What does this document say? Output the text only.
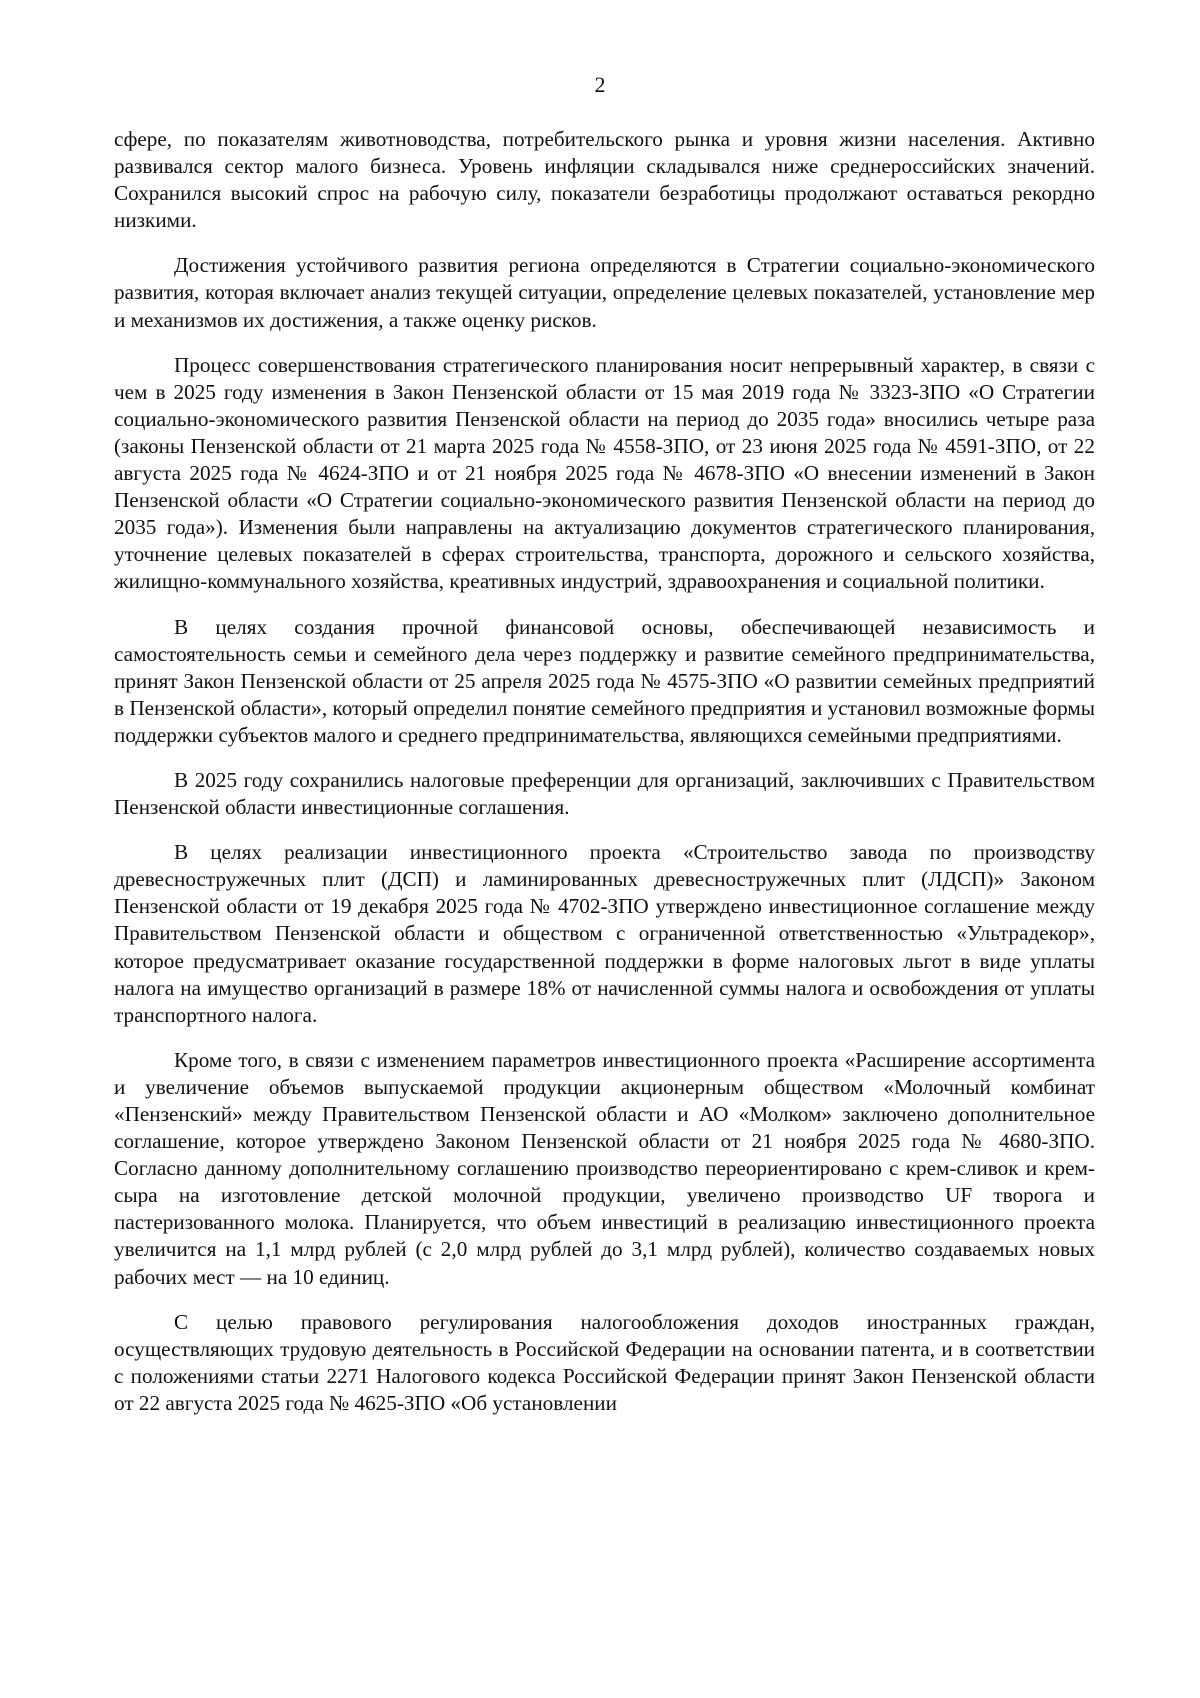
2

сфере, по показателям животноводства, потребительского рынка и уровня жизни населения. Активно развивался сектор малого бизнеса. Уровень инфляции складывался ниже среднероссийских значений. Сохранился высокий спрос на рабочую силу, показатели безработицы продолжают оставаться рекордно низкими.

Достижения устойчивого развития региона определяются в Стратегии социально-экономического развития, которая включает анализ текущей ситуации, определение целевых показателей, установление мер и механизмов их достижения, а также оценку рисков.

Процесс совершенствования стратегического планирования носит непрерывный характер, в связи с чем в 2025 году изменения в Закон Пензенской области от 15 мая 2019 года № 3323-ЗПО «О Стратегии социально-экономического развития Пензенской области на период до 2035 года» вносились четыре раза (законы Пензенской области от 21 марта 2025 года № 4558-ЗПО, от 23 июня 2025 года № 4591-ЗПО, от 22 августа 2025 года № 4624-ЗПО и от 21 ноября 2025 года № 4678-ЗПО «О внесении изменений в Закон Пензенской области «О Стратегии социально-экономического развития Пензенской области на период до 2035 года»). Изменения были направлены на актуализацию документов стратегического планирования, уточнение целевых показателей в сферах строительства, транспорта, дорожного и сельского хозяйства, жилищно-коммунального хозяйства, креативных индустрий, здравоохранения и социальной политики.

В целях создания прочной финансовой основы, обеспечивающей независимость и самостоятельность семьи и семейного дела через поддержку и развитие семейного предпринимательства, принят Закон Пензенской области от 25 апреля 2025 года № 4575-ЗПО «О развитии семейных предприятий в Пензенской области», который определил понятие семейного предприятия и установил возможные формы поддержки субъектов малого и среднего предпринимательства, являющихся семейными предприятиями.

В 2025 году сохранились налоговые преференции для организаций, заключивших с Правительством Пензенской области инвестиционные соглашения.

В целях реализации инвестиционного проекта «Строительство завода по производству древесностружечных плит (ДСП) и ламинированных древесностружечных плит (ЛДСП)» Законом Пензенской области от 19 декабря 2025 года № 4702-ЗПО утверждено инвестиционное соглашение между Правительством Пензенской области и обществом с ограниченной ответственностью «Ультрадекор», которое предусматривает оказание государственной поддержки в форме налоговых льгот в виде уплаты налога на имущество организаций в размере 18% от начисленной суммы налога и освобождения от уплаты транспортного налога.

Кроме того, в связи с изменением параметров инвестиционного проекта «Расширение ассортимента и увеличение объемов выпускаемой продукции акционерным обществом «Молочный комбинат «Пензенский» между Правительством Пензенской области и АО «Молком» заключено дополнительное соглашение, которое утверждено Законом Пензенской области от 21 ноября 2025 года № 4680-ЗПО. Согласно данному дополнительному соглашению производство переориентировано с крем-сливок и крем-сыра на изготовление детской молочной продукции, увеличено производство UF творога и пастеризованного молока. Планируется, что объем инвестиций в реализацию инвестиционного проекта увеличится на 1,1 млрд рублей (с 2,0 млрд рублей до 3,1 млрд рублей), количество создаваемых новых рабочих мест — на 10 единиц.

С целью правового регулирования налогообложения доходов иностранных граждан, осуществляющих трудовую деятельность в Российской Федерации на основании патента, и в соответствии с положениями статьи 2271 Налогового кодекса Российской Федерации принят Закон Пензенской области от 22 августа 2025 года № 4625-ЗПО «Об установлении
